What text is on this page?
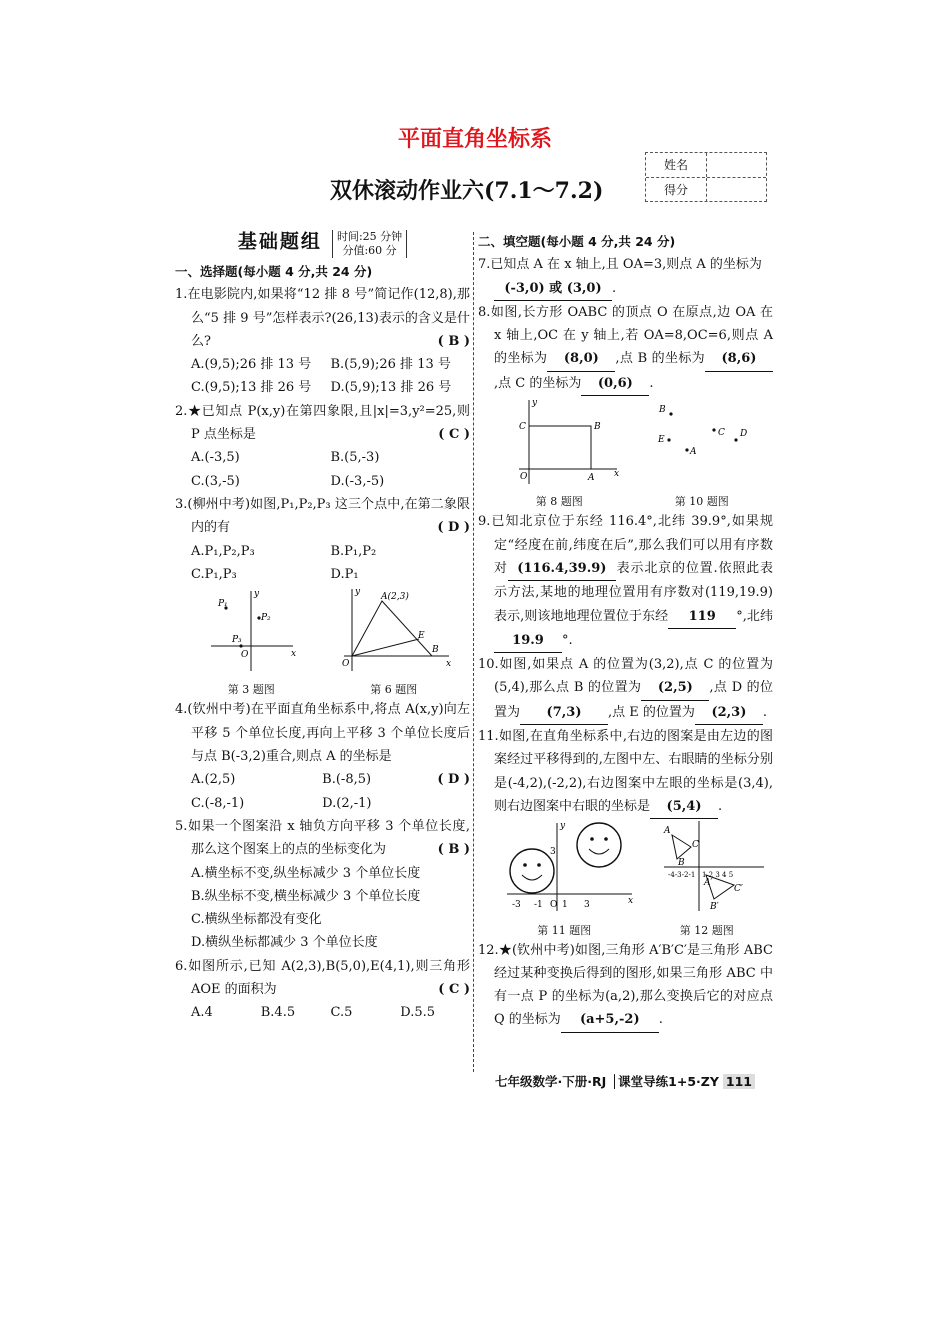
平面直角坐标系
双休滚动作业六(7.1～7.2)
姓名
得分
基础题组 时间:25 分钟
分值:60 分
一、选择题(每小题 4 分,共 24 分)

1.在电影院内,如果将“12 排 8 号”简记作(12,8),那么“5 排 9 号”怎样表示?(26,13)表示的含义是什么?	( B )

A.(9,5);26 排 13 号	B.(5,9);26 排 13 号
C.(9,5);13 排 26 号	D.(5,9);13 排 26 号

2.★已知点 P(x,y)在第四象限,且|x|=3,y²=25,则 P 点坐标是	( C )

A.(-3,5)	B.(5,-3)
C.(3,-5)	D.(-3,-5)

3.(柳州中考)如图,P₁,P₂,P₃ 这三个点中,在第二象限内的有	( D )

A.P₁,P₂,P₃	B.P₁,P₂
C.P₁,P₃	D.P₁
x
y
O
P₁
P₂
P₃
第 3 题图
x
y
O
A(2,3)
E
B
第 6 题图

4.(钦州中考)在平面直角坐标系中,将点 A(x,y)向左平移 5 个单位长度,再向上平移 3 个单位长度后与点 B(-3,2)重合,则点 A 的坐标是

( D )

A.(2,5)	B.(-8,5)
C.(-8,-1)	D.(2,-1)

5.如果一个图案沿 x 轴负方向平移 3 个单位长度,那么这个图案上的点的坐标变化为	( B )

A.横坐标不变,纵坐标减少 3 个单位长度
B.纵坐标不变,横坐标减少 3 个单位长度
C.横纵坐标都没有变化
D.横纵坐标都减少 3 个单位长度

6.如图所示,已知 A(2,3),B(5,0),E(4,1),则三角形 AOE 的面积为	( C )

A.4	B.4.5	C.5	D.5.5
二、填空题(每小题 4 分,共 24 分)

7.已知点 A 在 x 轴上,且 OA=3,则点 A 的坐标为
(-3,0) 或 (3,0) .

8.如图,长方形 OABC 的顶点 O 在原点,边 OA 在 x 轴上,OC 在 y 轴上,若 OA=8,OC=6,则点 A 的坐标为 (8,0) ,点 B 的坐标为 (8,6),点 C 的坐标为 (0,6) .

x
y
O
C	B
A
第 8 题图
B
E
A
C D
第 10 题图

9.已知北京位于东经 116.4°,北纬 39.9°,如果规定“经度在前,纬度在后”,那么我们可以用有序数对 (116.4,39.9) 表示北京的位置.依照此表示方法,某地的地理位置用有序数对(119,19.9)表示,则该地地理位置位于东经 119 °,北纬19.9 °.

10.如图,如果点 A 的位置为(3,2),点 C 的位置为(5,4),那么点 B 的位置为 (2,5) ,点 D 的位置为 (7,3) ,点 E 的位置为 (2,3) .

11.如图,在直角坐标系中,右边的图案是由左边的图案经过平移得到的,左图中左、右眼睛的坐标分别是(-4,2),(-2,2),右边图案中左眼的坐标是(3,4),则右边图案中右眼的坐标是 (5,4) .

x
y
-3 -1 O 1 3
3
第 11 题图
A
C
B
A′
C′
B′
-4-3-2-1 1 2 3 4 5
第 12 题图

12.★(钦州中考)如图,三角形 A′B′C′是三角形 ABC 经过某种变换后得到的图形,如果三角形 ABC 中有一点 P 的坐标为(a,2),那么变换后它的对应点 Q 的坐标为 (a+5,-2) .

七年级数学·下册·RJ │课堂导练1+5·ZY 111
